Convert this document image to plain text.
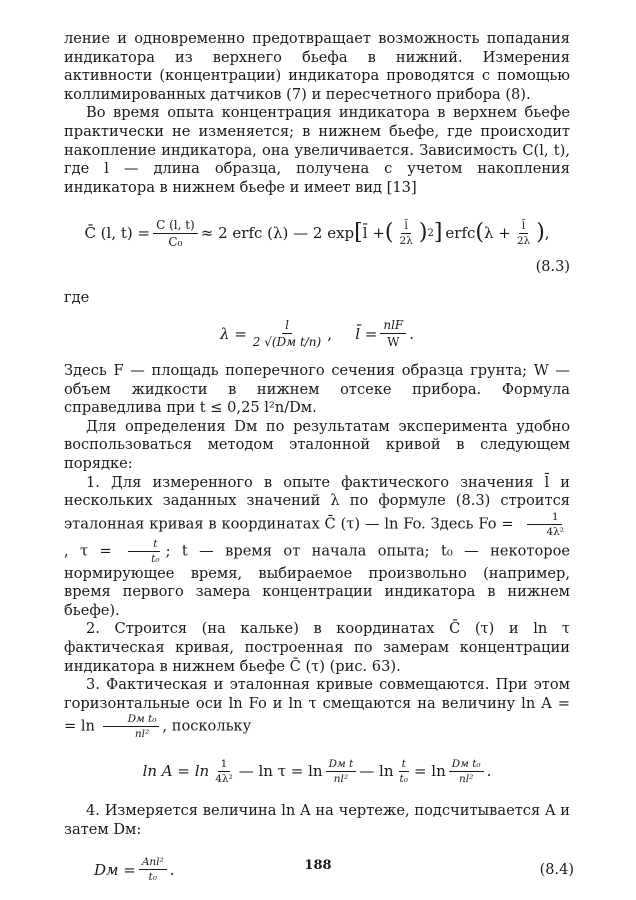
ление и одновременно предотвращает возможность попадания индикатора из верхнего бьефа в нижний. Измерения активности (концентрации) индикатора проводятся с помощью коллимированных датчиков (7) и пересчетного прибора (8).

Во время опыта концентрация индикатора в верхнем бьефе практически не изменяется; в нижнем бьефе, где происходит накопление индикатора, она увеличивается. Зависимость C(l, t), где l — длина образца, получена с учетом накопления индикатора в нижнем бьефе и имеет вид [13]

C̄ (l, $t) = \frac{C (l, t)}{\text{C₀}} \approx 2$ erfc (λ) — 2 exp [ l̄ + ( $\frac{l̄}{2\lambda}$ ) 2 ] erfc ( $\lambda + \frac{l̄}{2\lambda}$ ) ,
(8.3)

где

$\lambda = \frac{l}{\text{2 √(Dм t/n)}}$ ,	l̄ = $\frac{\text{nlF}}{W}$ .

Здесь F — площадь поперечного сечения образца грунта; W — объем жидкости в нижнем отсеке прибора. Формула справедлива при t ≤ 0,25 l²n/Dм.

Для определения Dм по результатам эксперимента удобно воспользоваться методом эталонной кривой в следующем порядке:

1. Для измеренного в опыте фактического значения l̄ и нескольких заданных значений λ по формуле (8.3) строится эталонная кривая в координатах C̄ (τ) — ln Fo. Здесь $Fo = \frac{1}{\text{4λ²}}$
, $\tau = \frac{t}{\text{t₀}}$ ; t — время от начала опыта; t₀ — некоторое нормирующее время, выбираемое произвольно (например, время первого замера концентрации индикатора в нижнем бьефе).

2. Строится (на кальке) в координатах C̄ (τ) и ln τ фактическая кривая, построенная по замерам концентрации индикатора в нижнем бьефе C̄ (τ) (рис. 63).

3. Фактическая и эталонная кривые совмещаются. При этом горизонтальные оси ln Fo и ln τ смещаются на величину ln A = = $\ln \frac{\text{Dм t₀}}{\text{nl²}}$ , поскольку

$\ln A = \ln \frac{1}{\text{4λ²}}$ — $\ln \tau = \ln \frac{\text{Dм t}}{\text{nl²}}$ — $\ln \frac{t}{\text{t₀}} = \ln \frac{\text{Dм t₀}}{\text{nl²}}$ .

4. Измеряется величина ln A на чертеже, подсчитывается A и затем Dм:

Dм = $\frac{\text{Anl²}}{\text{t₀}}$ .	(8.4)
188
